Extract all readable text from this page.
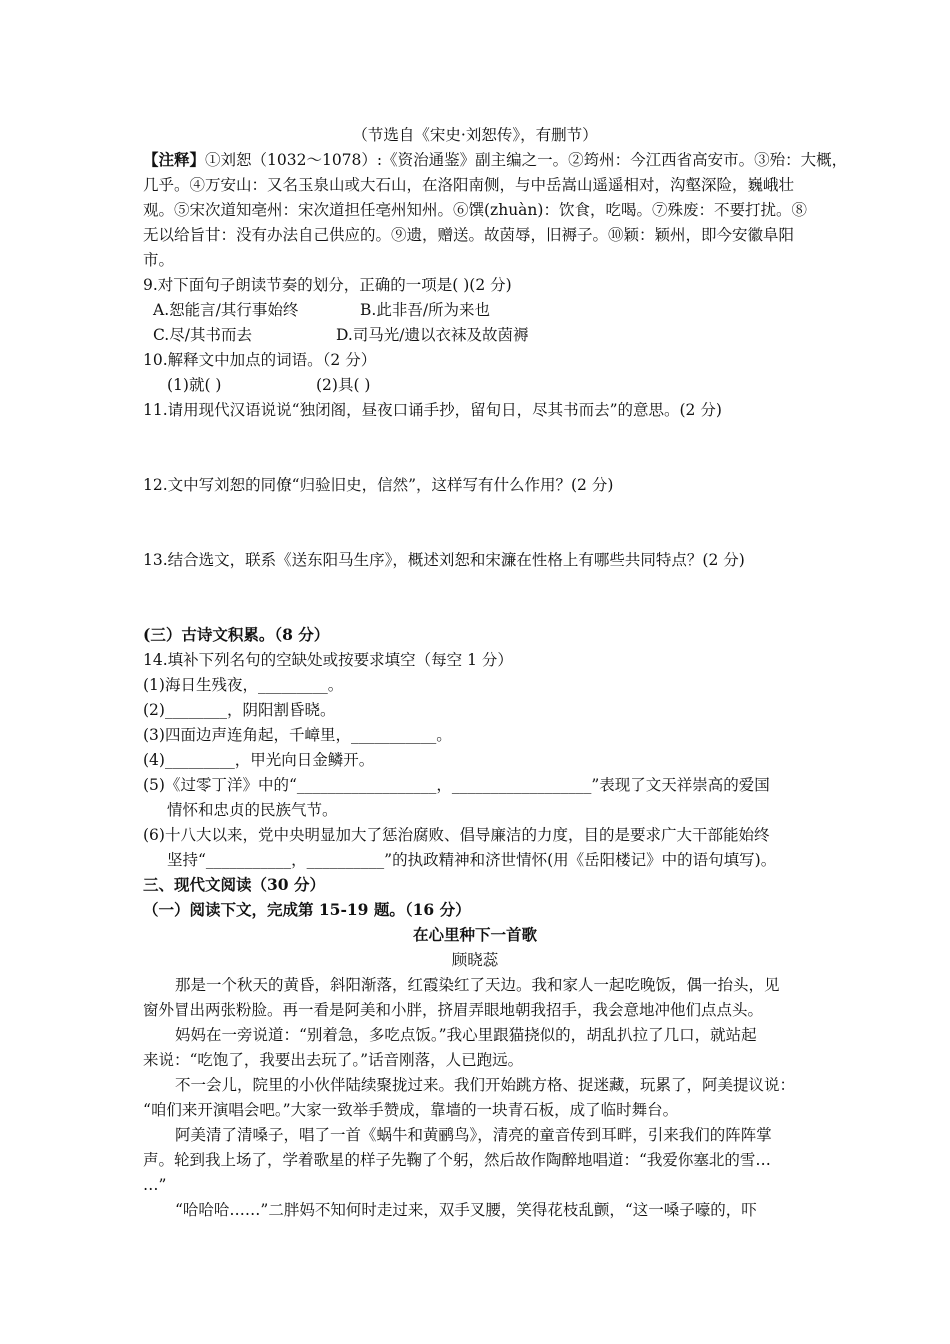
（节选自《宋史·刘恕传》，有删节）
【注释】①刘恕（1032～1078）:《资治通鉴》副主编之一。②筠州：今江西省高安市。③殆：大概，
几乎。④万安山：又名玉泉山或大石山，在洛阳南侧，与中岳嵩山遥遥相对，沟壑深险，巍峨壮
观。⑤宋次道知亳州：宋次道担任亳州知州。⑥馔(zhuàn)：饮食，吃喝。⑦殊废：不要打扰。⑧
无以给旨甘：没有办法自己供应的。⑨遗，赠送。故茵辱，旧褥子。⑩颖：颖州，即今安徽阜阳
市。
9.对下面句子朗读节奏的划分，正确的一项是( )(2 分)
A.恕能言/其行事始终	B.此非吾/所为来也
C.尽/其书而去	D.司马光/遗以衣袜及故茵褥
10.解释文中加点的词语。（2 分）
(1)就( )	(2)具( )
11.请用现代汉语说说“独闭阁，昼夜口诵手抄，留旬日，尽其书而去”的意思。(2 分)
12.文中写刘恕的同僚“归验旧史，信然”，这样写有什么作用？(2 分)
13.结合选文，联系《送东阳马生序》，概述刘恕和宋濂在性格上有哪些共同特点？(2 分)
(三）古诗文积累。（8 分）
14.填补下列名句的空缺处或按要求填空（每空 1 分）
(1)海日生残夜，_________。
(2)________，阴阳割昏晓。
(3)四面边声连角起，千嶂里，___________。
(4)_________，甲光向日金鳞开。
(5)《过零丁洋》中的“__________________，__________________”表现了文天祥崇高的爱国
情怀和忠贞的民族气节。
(6)十八大以来，党中央明显加大了惩治腐败、倡导廉洁的力度，目的是要求广大干部能始终
坚持“___________，__________”的执政精神和济世情怀(用《岳阳楼记》中的语句填写)。
三、现代文阅读（30 分）
（一）阅读下文，完成第 15-19 题。（16 分）
在心里种下一首歌
顾晓蕊
那是一个秋天的黄昏，斜阳渐落，红霞染红了天边。我和家人一起吃晚饭，偶一抬头，见
窗外冒出两张粉脸。再一看是阿美和小胖，挤眉弄眼地朝我招手，我会意地冲他们点点头。
妈妈在一旁说道：“别着急，多吃点饭。”我心里跟猫挠似的，胡乱扒拉了几口，就站起
来说：“吃饱了，我要出去玩了。”话音刚落，人已跑远。
不一会儿，院里的小伙伴陆续聚拢过来。我们开始跳方格、捉迷藏，玩累了，阿美提议说：
“咱们来开演唱会吧。”大家一致举手赞成，靠墙的一块青石板，成了临时舞台。
阿美清了清嗓子，唱了一首《蜗牛和黄鹂鸟》，清亮的童音传到耳畔，引来我们的阵阵掌
声。轮到我上场了，学着歌星的样子先鞠了个躬，然后故作陶醉地唱道：“我爱你塞北的雪…
…”
“哈哈哈……”二胖妈不知何时走过来，双手叉腰，笑得花枝乱颤，“这一嗓子嚎的，吓
